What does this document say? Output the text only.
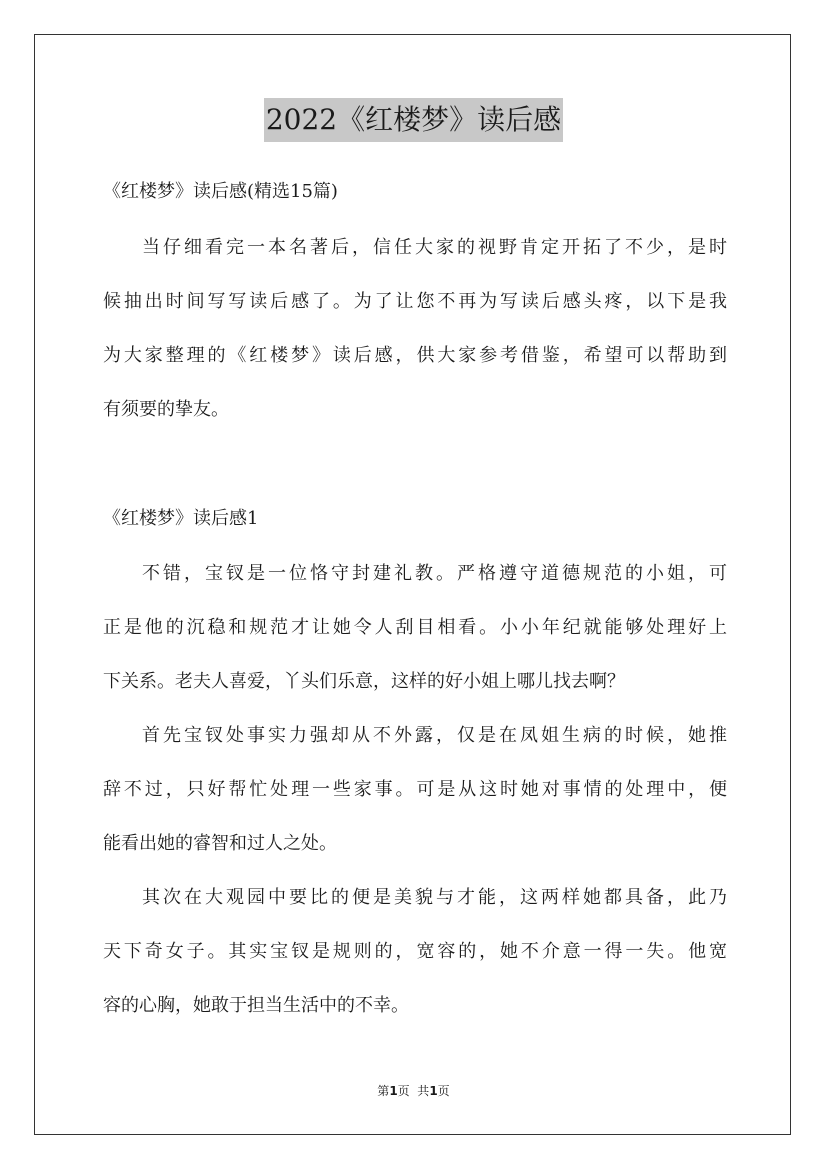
2022《红楼梦》读后感
《红楼梦》读后感(精选15篇)
当仔细看完一本名著后，信任大家的视野肯定开拓了不少，是时
候抽出时间写写读后感了。为了让您不再为写读后感头疼，以下是我
为大家整理的《红楼梦》读后感，供大家参考借鉴，希望可以帮助到
有须要的挚友。
《红楼梦》读后感1
不错，宝钗是一位恪守封建礼教。严格遵守道德规范的小姐，可
正是他的沉稳和规范才让她令人刮目相看。小小年纪就能够处理好上
下关系。老夫人喜爱，丫头们乐意，这样的好小姐上哪儿找去啊？
首先宝钗处事实力强却从不外露，仅是在凤姐生病的时候，她推
辞不过，只好帮忙处理一些家事。可是从这时她对事情的处理中，便
能看出她的睿智和过人之处。
其次在大观园中要比的便是美貌与才能，这两样她都具备，此乃
天下奇女子。其实宝钗是规则的，宽容的，她不介意一得一失。他宽
容的心胸，她敢于担当生活中的不幸。
第1页  共1页
